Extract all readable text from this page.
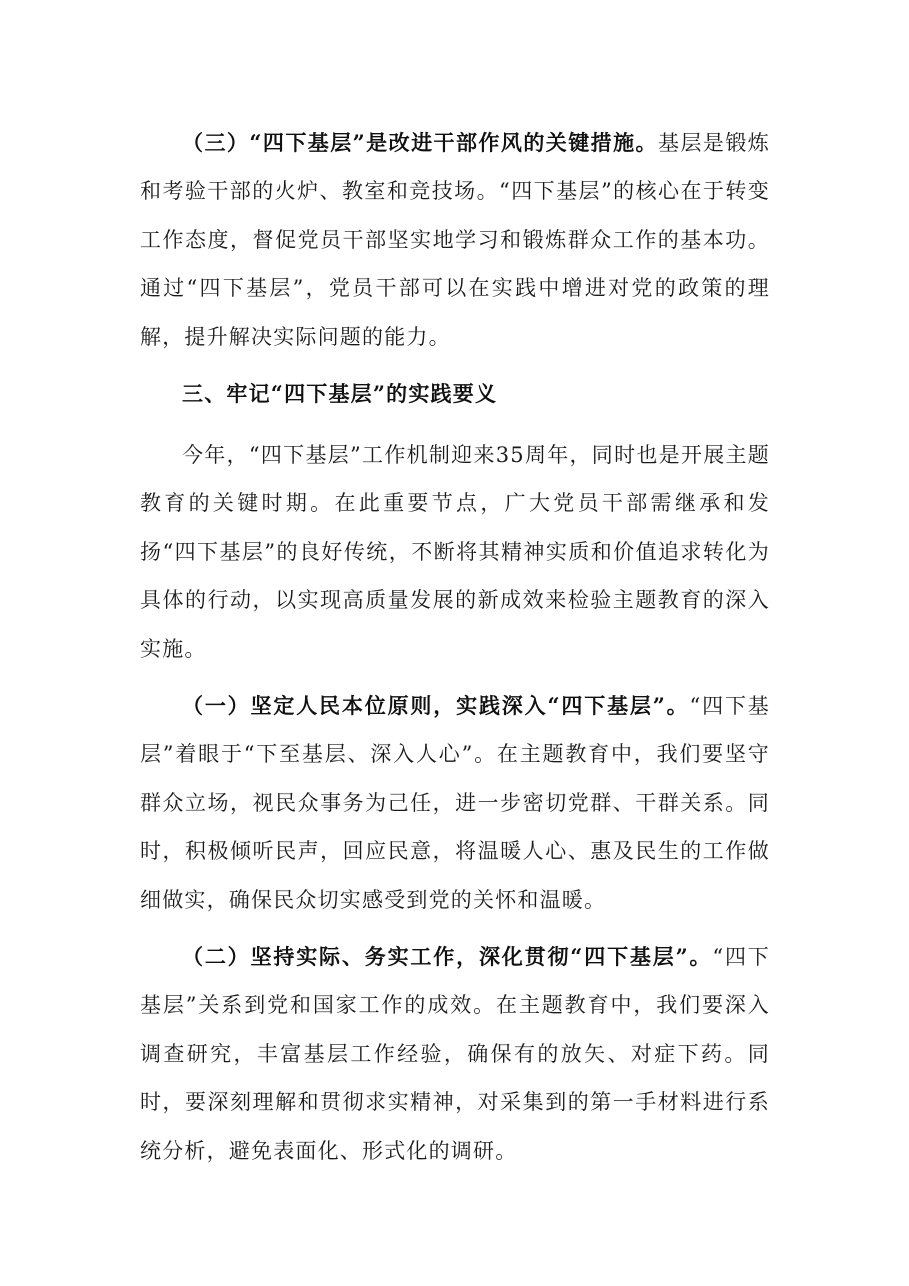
（三）“四下基层”是改进干部作风的关键措施。基层是锻炼和考验干部的火炉、教室和竞技场。“四下基层”的核心在于转变工作态度，督促党员干部坚实地学习和锻炼群众工作的基本功。通过“四下基层”，党员干部可以在实践中增进对党的政策的理解，提升解决实际问题的能力。

三、牢记“四下基层”的实践要义

今年，“四下基层”工作机制迎来35周年，同时也是开展主题教育的关键时期。在此重要节点，广大党员干部需继承和发扬“四下基层”的良好传统，不断将其精神实质和价值追求转化为具体的行动，以实现高质量发展的新成效来检验主题教育的深入实施。

（一）坚定人民本位原则，实践深入“四下基层”。“四下基层”着眼于“下至基层、深入人心”。在主题教育中，我们要坚守群众立场，视民众事务为己任，进一步密切党群、干群关系。同时，积极倾听民声，回应民意，将温暖人心、惠及民生的工作做细做实，确保民众切实感受到党的关怀和温暖。

（二）坚持实际、务实工作，深化贯彻“四下基层”。“四下基层”关系到党和国家工作的成效。在主题教育中，我们要深入调查研究，丰富基层工作经验，确保有的放矢、对症下药。同时，要深刻理解和贯彻求实精神，对采集到的第一手材料进行系统分析，避免表面化、形式化的调研。
